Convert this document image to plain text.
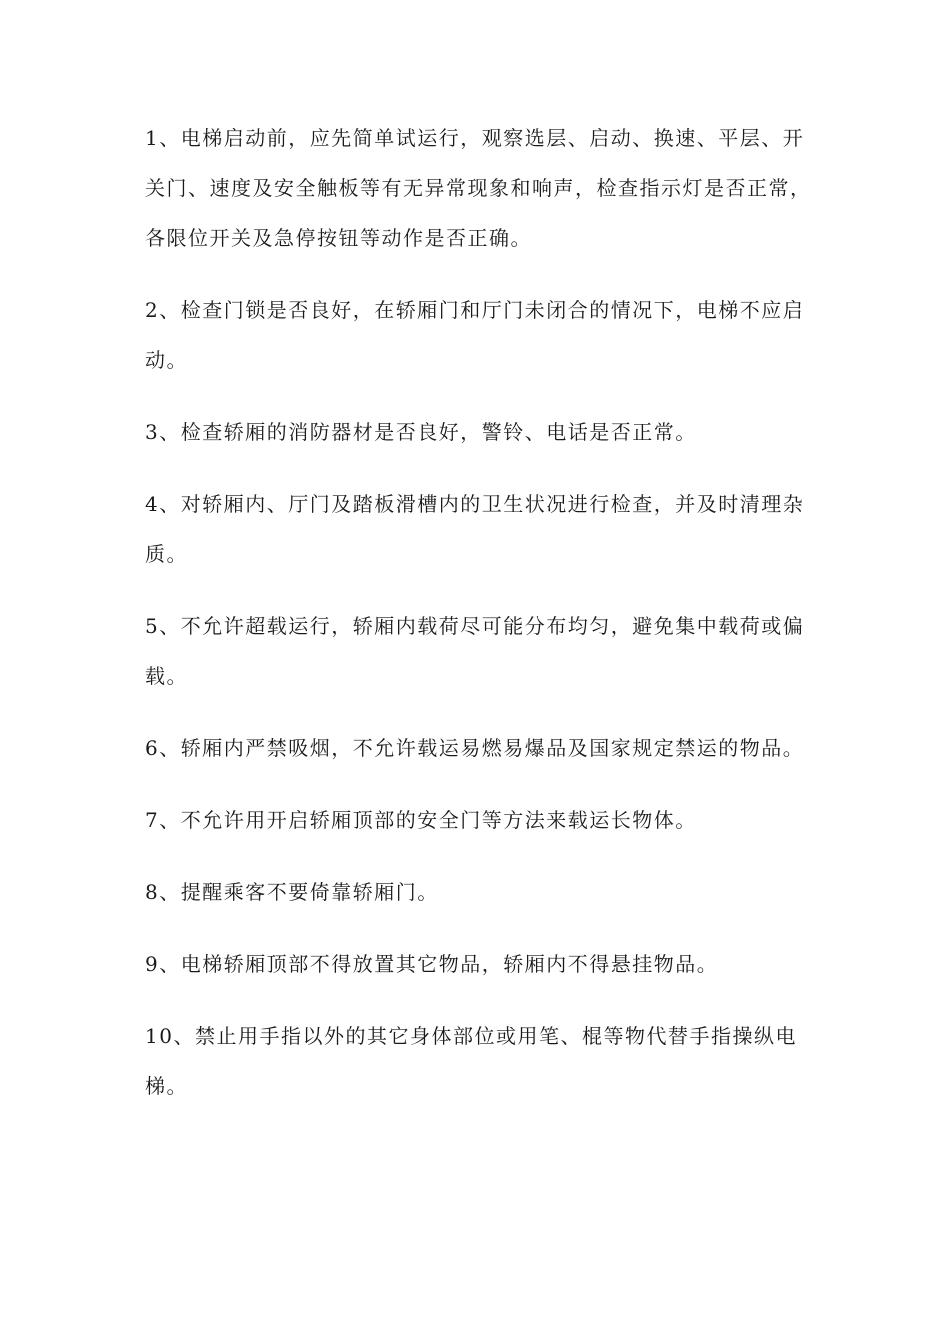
1、电梯启动前，应先简单试运行，观察选层、启动、换速、平层、开关门、速度及安全触板等有无异常现象和响声，检查指示灯是否正常，各限位开关及急停按钮等动作是否正确。

2、检查门锁是否良好，在轿厢门和厅门未闭合的情况下，电梯不应启动。

3、检查轿厢的消防器材是否良好，警铃、电话是否正常。

4、对轿厢内、厅门及踏板滑槽内的卫生状况进行检查，并及时清理杂质。

5、不允许超载运行，轿厢内载荷尽可能分布均匀，避免集中载荷或偏载。

6、轿厢内严禁吸烟，不允许载运易燃易爆品及国家规定禁运的物品。

7、不允许用开启轿厢顶部的安全门等方法来载运长物体。

8、提醒乘客不要倚靠轿厢门。

9、电梯轿厢顶部不得放置其它物品，轿厢内不得悬挂物品。

10、禁止用手指以外的其它身体部位或用笔、棍等物代替手指操纵电梯。
